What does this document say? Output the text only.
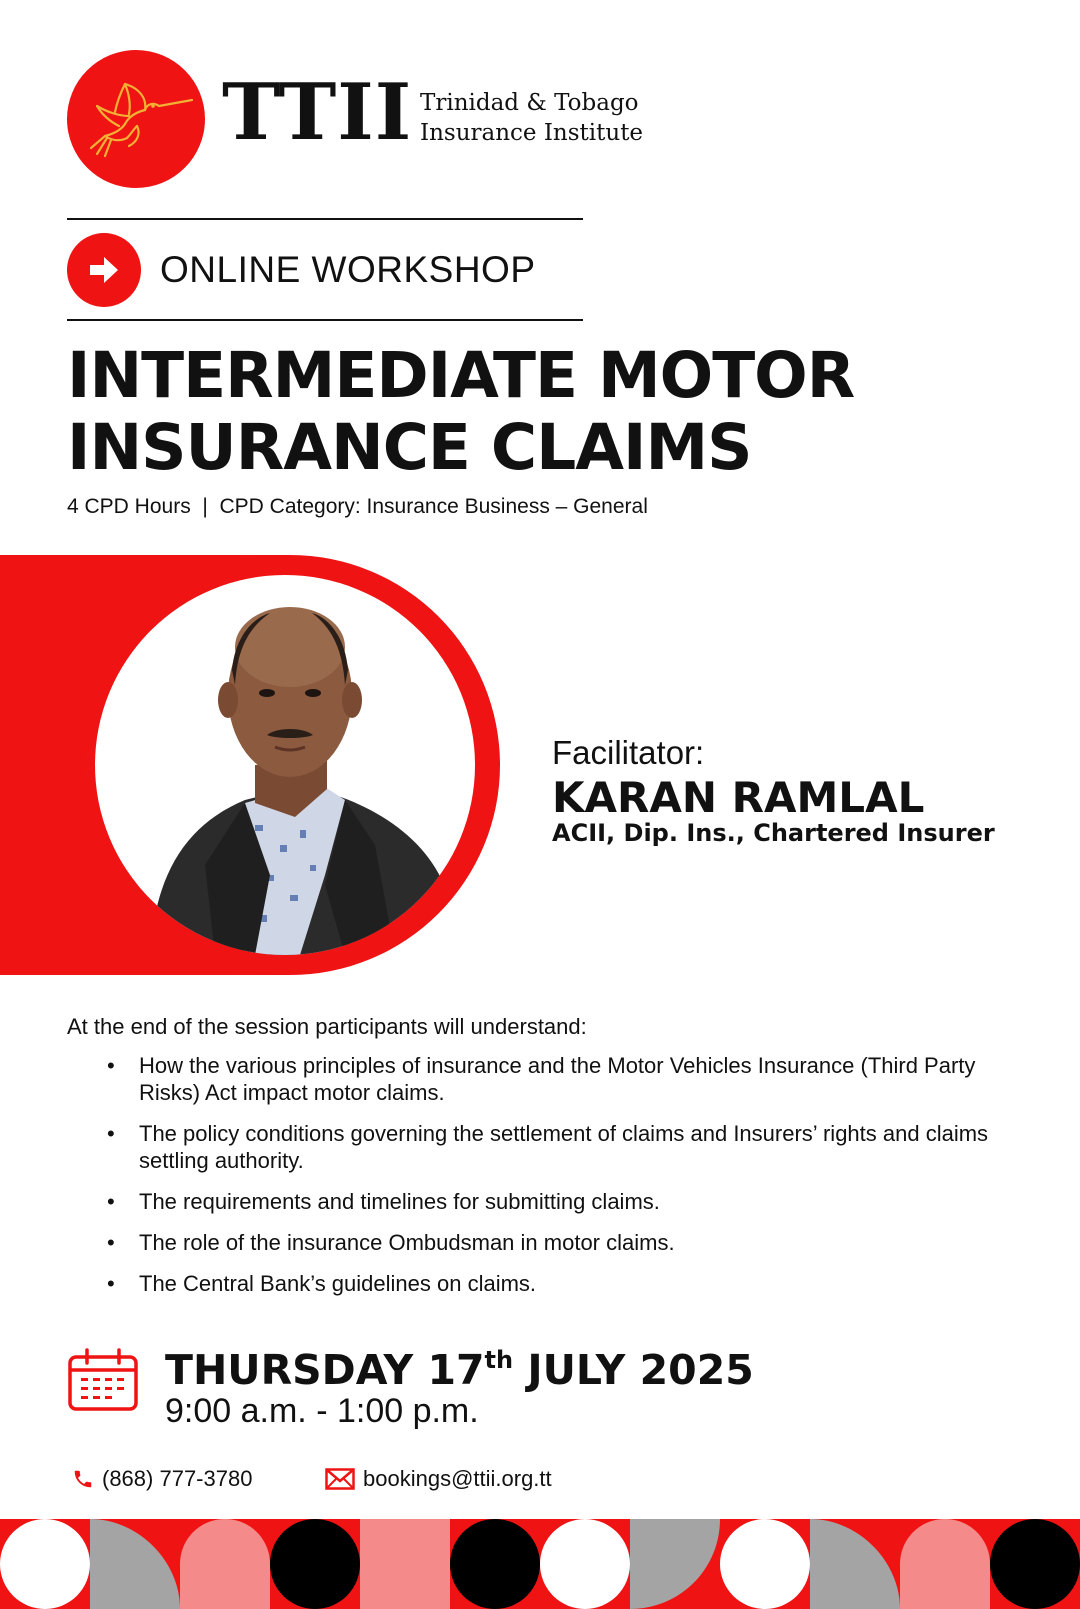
TTII Trinidad & Tobago
Insurance Institute
ONLINE WORKSHOP
INTERMEDIATE MOTOR
INSURANCE CLAIMS
4 CPD Hours  |  CPD Category: Insurance Business – General
Facilitator:
KARAN RAMLAL
ACII, Dip. Ins., Chartered Insurer
At the end of the session participants will understand:
• How the various principles of insurance and the Motor Vehicles Insurance (Third Party Risks) Act impact motor claims.
• The policy conditions governing the settlement of claims and Insurers’ rights and claims settling authority.
• The requirements and timelines for submitting claims.
• The role of the insurance Ombudsman in motor claims.
• The Central Bank’s guidelines on claims.
THURSDAY 17th JULY 2025
9:00 a.m. - 1:00 p.m.
(868) 777-3780	bookings@ttii.org.tt
